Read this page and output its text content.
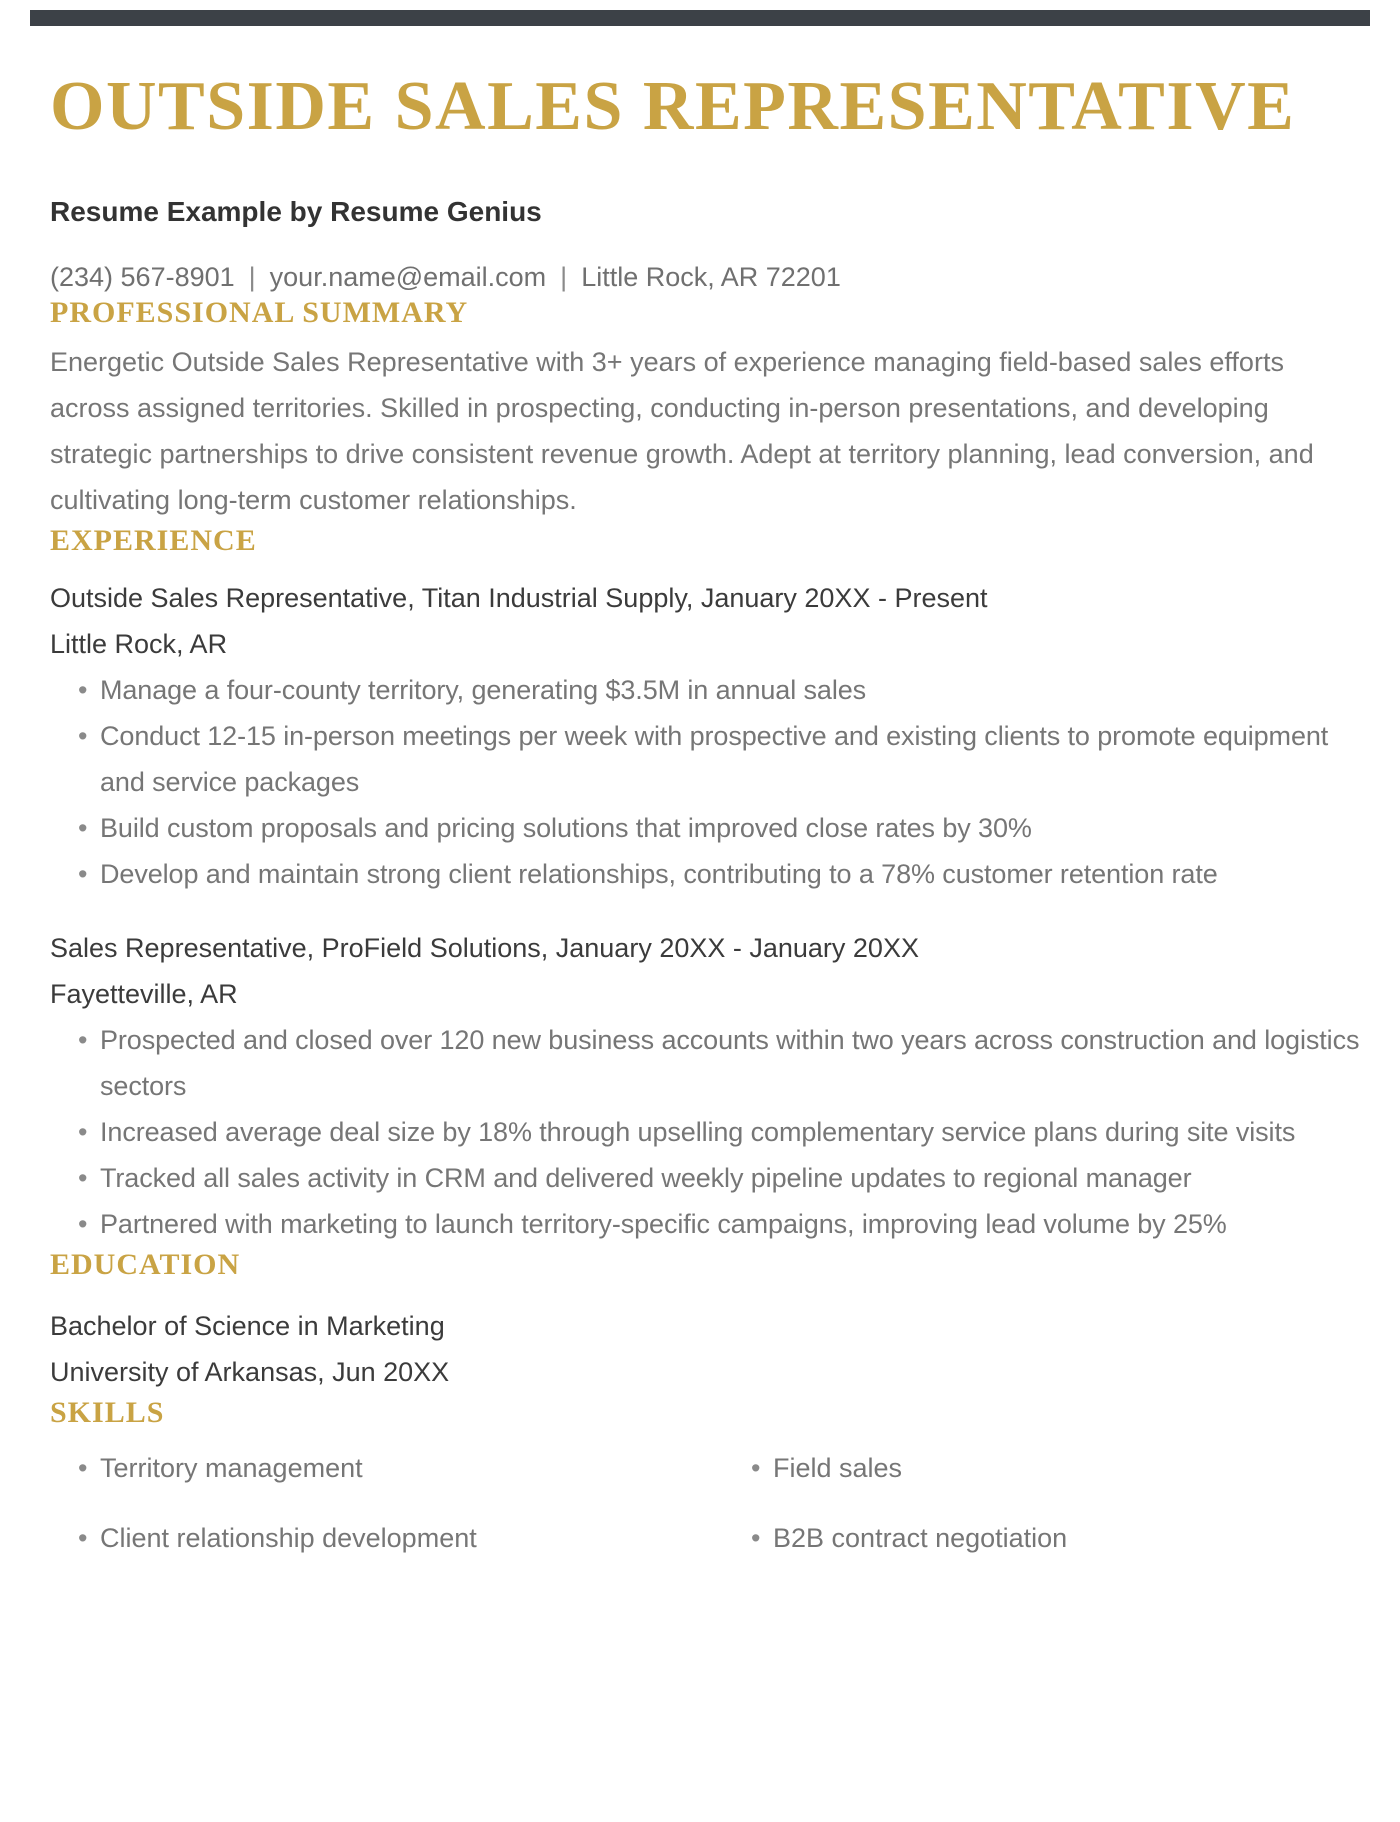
OUTSIDE SALES REPRESENTATIVE
Resume Example by Resume Genius
(234) 567-8901 | your.name@email.com | Little Rock, AR 72201
PROFESSIONAL SUMMARY

Energetic Outside Sales Representative with 3+ years of experience managing field-based sales efforts across assigned territories. Skilled in prospecting, conducting in-person presentations, and developing strategic partnerships to drive consistent revenue growth. Adept at territory planning, lead conversion, and cultivating long-term customer relationships.

EXPERIENCE
Outside Sales Representative, Titan Industrial Supply, January 20XX - Present
Little Rock, AR
• Manage a four-county territory, generating $3.5M in annual sales
• Conduct 12-15 in-person meetings per week with prospective and existing clients to promote equipment and service packages
• Build custom proposals and pricing solutions that improved close rates by 30%
• Develop and maintain strong client relationships, contributing to a 78% customer retention rate
Sales Representative, ProField Solutions, January 20XX - January 20XX
Fayetteville, AR
• Prospected and closed over 120 new business accounts within two years across construction and logistics sectors
• Increased average deal size by 18% through upselling complementary service plans during site visits
• Tracked all sales activity in CRM and delivered weekly pipeline updates to regional manager
• Partnered with marketing to launch territory-specific campaigns, improving lead volume by 25%
EDUCATION
Bachelor of Science in Marketing
University of Arkansas, Jun 20XX
SKILLS
• Territory management	• Field sales
• Client relationship development	• B2B contract negotiation
